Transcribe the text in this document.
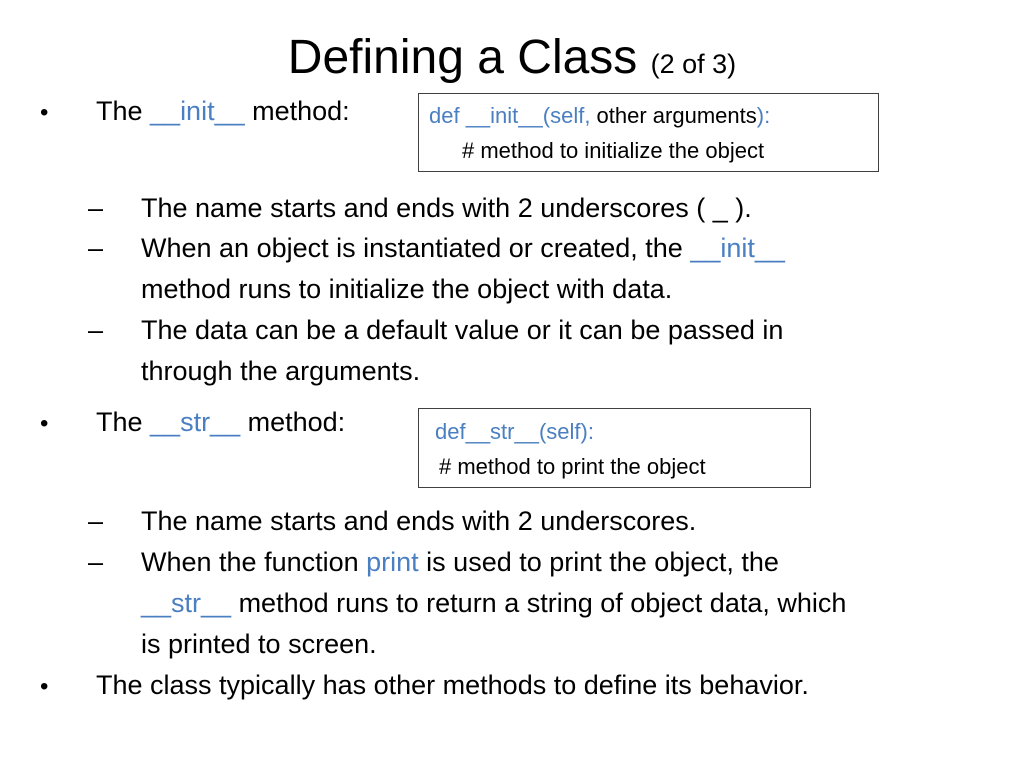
Defining a Class (2 of 3)
• The __init__ method:	def __init__(self, other arguments):
# method to initialize the object
– The name starts and ends with 2 underscores ( _ ).
– When an object is instantiated or created, the __init__
method runs to initialize the object with data.
– The data can be a default value or it can be passed in
through the arguments.
• The __str__ method:	def__str__(self):
# method to print the object
– The name starts and ends with 2 underscores.
– When the function print is used to print the object, the
__str__ method runs to return a string of object data, which
is printed to screen.
• The class typically has other methods to define its behavior.
